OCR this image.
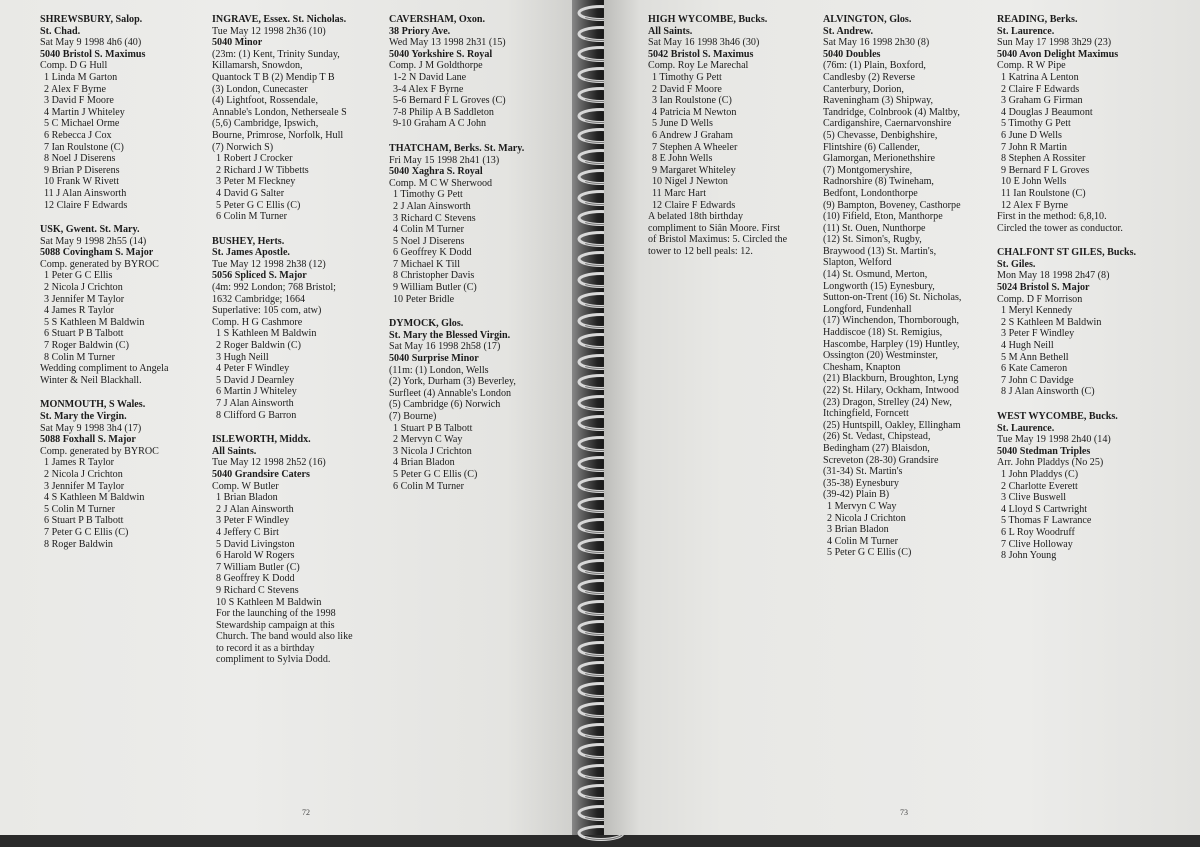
SHREWSBURY, Salop.
St. Chad.
Sat May 9 1998 4h6 (40)
5040 Bristol S. Maximus
Comp. D G Hull
1 Linda M Garton
2 Alex F Byrne
3 David F Moore
4 Martin J Whiteley
5 C Michael Orme
6 Rebecca J Cox
7 Ian Roulstone (C)
8 Noel J Diserens
9 Brian P Diserens
10 Frank W Rivett
11 J Alan Ainsworth
12 Claire F Edwards
USK, Gwent. St. Mary.
Sat May 9 1998 2h55 (14)
5088 Covingham S. Major
Comp. generated by BYROC
1 Peter G C Ellis
2 Nicola J Crichton
3 Jennifer M Taylor
4 James R Taylor
5 S Kathleen M Baldwin
6 Stuart P B Talbott
7 Roger Baldwin (C)
8 Colin M Turner
Wedding compliment to Angela
Winter & Neil Blackhall.
MONMOUTH, S Wales.
St. Mary the Virgin.
Sat May 9 1998 3h4 (17)
5088 Foxhall S. Major
Comp. generated by BYROC
1 James R Taylor
2 Nicola J Crichton
3 Jennifer M Taylor
4 S Kathleen M Baldwin
5 Colin M Turner
6 Stuart P B Talbott
7 Peter G C Ellis (C)
8 Roger Baldwin
INGRAVE, Essex. St. Nicholas.
Tue May 12 1998 2h36 (10)
5040 Minor
(23m: (1) Kent, Trinity Sunday,
Killamarsh, Snowdon,
Quantock T B (2) Mendip T B
(3) London, Cunecaster
(4) Lightfoot, Rossendale,
Annable's London, Netherseale S
(5,6) Cambridge, Ipswich,
Bourne, Primrose, Norfolk, Hull
(7) Norwich S)
1 Robert J Crocker
2 Richard J W Tibbetts
3 Peter M Fleckney
4 David G Salter
5 Peter G C Ellis (C)
6 Colin M Turner
BUSHEY, Herts.
St. James Apostle.
Tue May 12 1998 2h38 (12)
5056 Spliced S. Major
(4m: 992 London; 768 Bristol;
1632 Cambridge; 1664
Superlative: 105 com, atw)
Comp. H G Cashmore
1 S Kathleen M Baldwin
2 Roger Baldwin (C)
3 Hugh Neill
4 Peter F Windley
5 David J Dearnley
6 Martin J Whiteley
7 J Alan Ainsworth
8 Clifford G Barron
ISLEWORTH, Middx.
All Saints.
Tue May 12 1998 2h52 (16)
5040 Grandsire Caters
Comp. W Butler
1 Brian Bladon
2 J Alan Ainsworth
3 Peter F Windley
4 Jeffery C Birt
5 David Livingston
6 Harold W Rogers
7 William Butler (C)
8 Geoffrey K Dodd
9 Richard C Stevens
10 S Kathleen M Baldwin
For the launching of the 1998
Stewardship campaign at this
Church. The band would also like
to record it as a birthday
compliment to Sylvia Dodd.
CAVERSHAM, Oxon.
38 Priory Ave.
Wed May 13 1998 2h31 (15)
5040 Yorkshire S. Royal
Comp. J M Goldthorpe
1-2 N David Lane
3-4 Alex F Byrne
5-6 Bernard F L Groves (C)
7-8 Philip A B Saddleton
9-10 Graham A C John
THATCHAM, Berks. St. Mary.
Fri May 15 1998 2h41 (13)
5040 Xaghra S. Royal
Comp. M C W Sherwood
1 Timothy G Pett
2 J Alan Ainsworth
3 Richard C Stevens
4 Colin M Turner
5 Noel J Diserens
6 Geoffrey K Dodd
7 Michael K Till
8 Christopher Davis
9 William Butler (C)
10 Peter Bridle
DYMOCK, Glos.
St. Mary the Blessed Virgin.
Sat May 16 1998 2h58 (17)
5040 Surprise Minor
(11m: (1) London, Wells
(2) York, Durham (3) Beverley,
Surfleet (4) Annable's London
(5) Cambridge (6) Norwich
(7) Bourne)
1 Stuart P B Talbott
2 Mervyn C Way
3 Nicola J Crichton
4 Brian Bladon
5 Peter G C Ellis (C)
6 Colin M Turner
72
HIGH WYCOMBE, Bucks.
All Saints.
Sat May 16 1998 3h46 (30)
5042 Bristol S. Maximus
Comp. Roy Le Marechal
1 Timothy G Pett
2 David F Moore
3 Ian Roulstone (C)
4 Patricia M Newton
5 June D Wells
6 Andrew J Graham
7 Stephen A Wheeler
8 E John Wells
9 Margaret Whiteley
10 Nigel J Newton
11 Marc Hart
12 Claire F Edwards
A belated 18th birthday
compliment to Siân Moore. First
of Bristol Maximus: 5. Circled the
tower to 12 bell peals: 12.
ALVINGTON, Glos.
St. Andrew.
Sat May 16 1998 2h30 (8)
5040 Doubles
(76m: (1) Plain, Boxford,
Candlesby (2) Reverse
Canterbury, Dorion,
Raveningham (3) Shipway,
Tandridge, Colnbrook (4) Maltby,
Cardiganshire, Caernarvonshire
(5) Chevasse, Denbighshire,
Flintshire (6) Callender,
Glamorgan, Merionethshire
(7) Montgomeryshire,
Radnorshire (8) Twineham,
Bedfont, Londonthorpe
(9) Bampton, Boveney, Casthorpe
(10) Fifield, Eton, Manthorpe
(11) St. Ouen, Nunthorpe
(12) St. Simon's, Rugby,
Braywood (13) St. Martin's,
Slapton, Welford
(14) St. Osmund, Merton,
Longworth (15) Eynesbury,
Sutton-on-Trent (16) St. Nicholas,
Longford, Fundenhall
(17) Winchendon, Thornborough,
Haddiscoe (18) St. Remigius,
Hascombe, Harpley (19) Huntley,
Ossington (20) Westminster,
Chesham, Knapton
(21) Blackburn, Broughton, Lyng
(22) St. Hilary, Ockham, Intwood
(23) Dragon, Strelley (24) New,
Itchingfield, Forncett
(25) Huntspill, Oakley, Ellingham
(26) St. Vedast, Chipstead,
Bedingham (27) Blaisdon,
Screveton (28-30) Grandsire
(31-34) St. Martin's
(35-38) Eynesbury
(39-42) Plain B)
1 Mervyn C Way
2 Nicola J Crichton
3 Brian Bladon
4 Colin M Turner
5 Peter G C Ellis (C)
READING, Berks.
St. Laurence.
Sun May 17 1998 3h29 (23)
5040 Avon Delight Maximus
Comp. R W Pipe
1 Katrina A Lenton
2 Claire F Edwards
3 Graham G Firman
4 Douglas J Beaumont
5 Timothy G Pett
6 June D Wells
7 John R Martin
8 Stephen A Rossiter
9 Bernard F L Groves
10 E John Wells
11 Ian Roulstone (C)
12 Alex F Byrne
First in the method: 6,8,10.
Circled the tower as conductor.
CHALFONT ST GILES, Bucks.
St. Giles.
Mon May 18 1998 2h47 (8)
5024 Bristol S. Major
Comp. D F Morrison
1 Meryl Kennedy
2 S Kathleen M Baldwin
3 Peter F Windley
4 Hugh Neill
5 M Ann Bethell
6 Kate Cameron
7 John C Davidge
8 J Alan Ainsworth (C)
WEST WYCOMBE, Bucks.
St. Laurence.
Tue May 19 1998 2h40 (14)
5040 Stedman Triples
Arr. John Pladdys (No 25)
1 John Pladdys (C)
2 Charlotte Everett
3 Clive Buswell
4 Lloyd S Cartwright
5 Thomas F Lawrance
6 L Roy Woodruff
7 Clive Holloway
8 John Young
73
